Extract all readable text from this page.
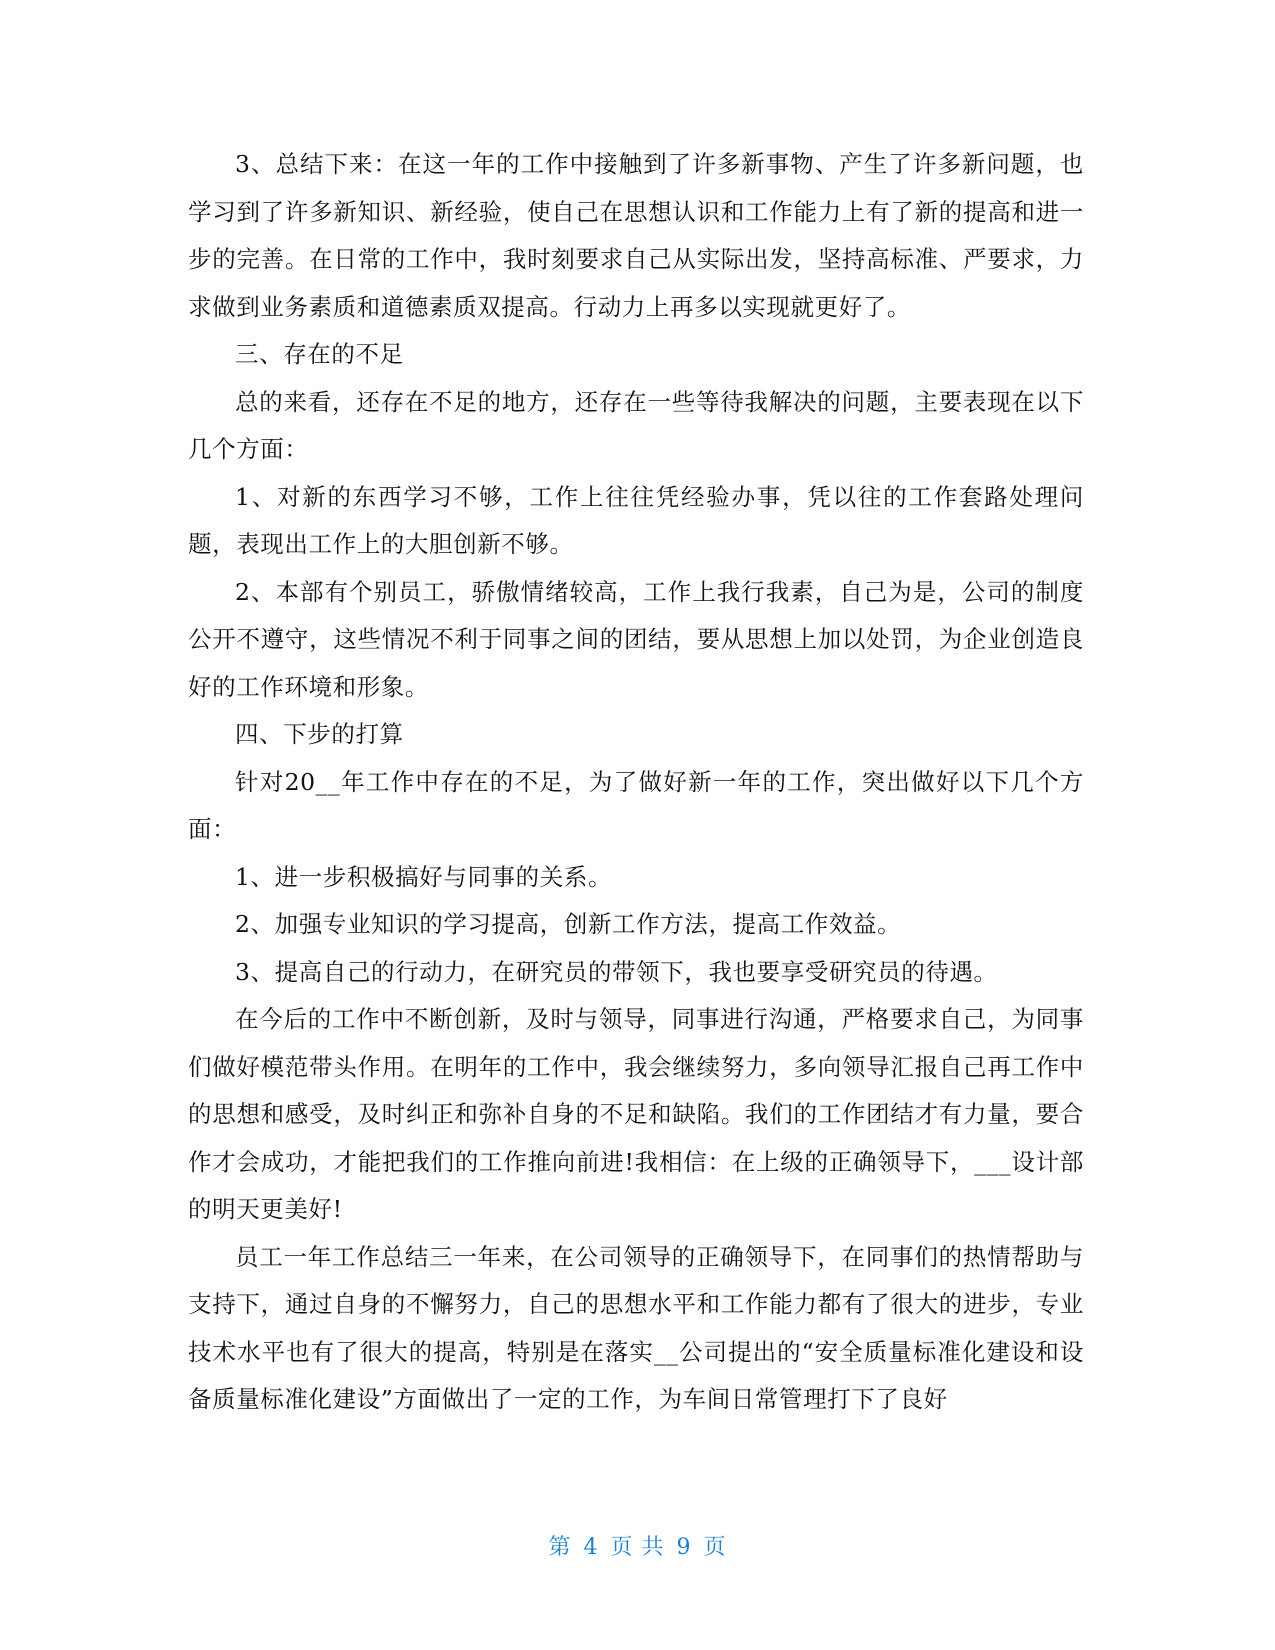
3、总结下来：在这一年的工作中接触到了许多新事物、产生了许多新问题，也学习到了许多新知识、新经验，使自己在思想认识和工作能力上有了新的提高和进一步的完善。在日常的工作中，我时刻要求自己从实际出发，坚持高标准、严要求，力求做到业务素质和道德素质双提高。行动力上再多以实现就更好了。

三、存在的不足

总的来看，还存在不足的地方，还存在一些等待我解决的问题，主要表现在以下几个方面：

1、对新的东西学习不够，工作上往往凭经验办事，凭以往的工作套路处理问题，表现出工作上的大胆创新不够。

2、本部有个别员工，骄傲情绪较高，工作上我行我素，自己为是，公司的制度公开不遵守，这些情况不利于同事之间的团结，要从思想上加以处罚，为企业创造良好的工作环境和形象。

四、下步的打算

针对20__年工作中存在的不足，为了做好新一年的工作，突出做好以下几个方面：

1、进一步积极搞好与同事的关系。

2、加强专业知识的学习提高，创新工作方法，提高工作效益。

3、提高自己的行动力，在研究员的带领下，我也要享受研究员的待遇。

在今后的工作中不断创新，及时与领导，同事进行沟通，严格要求自己，为同事们做好模范带头作用。在明年的工作中，我会继续努力，多向领导汇报自己再工作中的思想和感受，及时纠正和弥补自身的不足和缺陷。我们的工作团结才有力量，要合作才会成功，才能把我们的工作推向前进!我相信：在上级的正确领导下，___设计部的明天更美好!

员工一年工作总结三一年来，在公司领导的正确领导下，在同事们的热情帮助与支持下，通过自身的不懈努力，自己的思想水平和工作能力都有了很大的进步，专业技术水平也有了很大的提高，特别是在落实__公司提出的“安全质量标准化建设和设备质量标准化建设”方面做出了一定的工作，为车间日常管理打下了良好

第 4 页 共 9 页
